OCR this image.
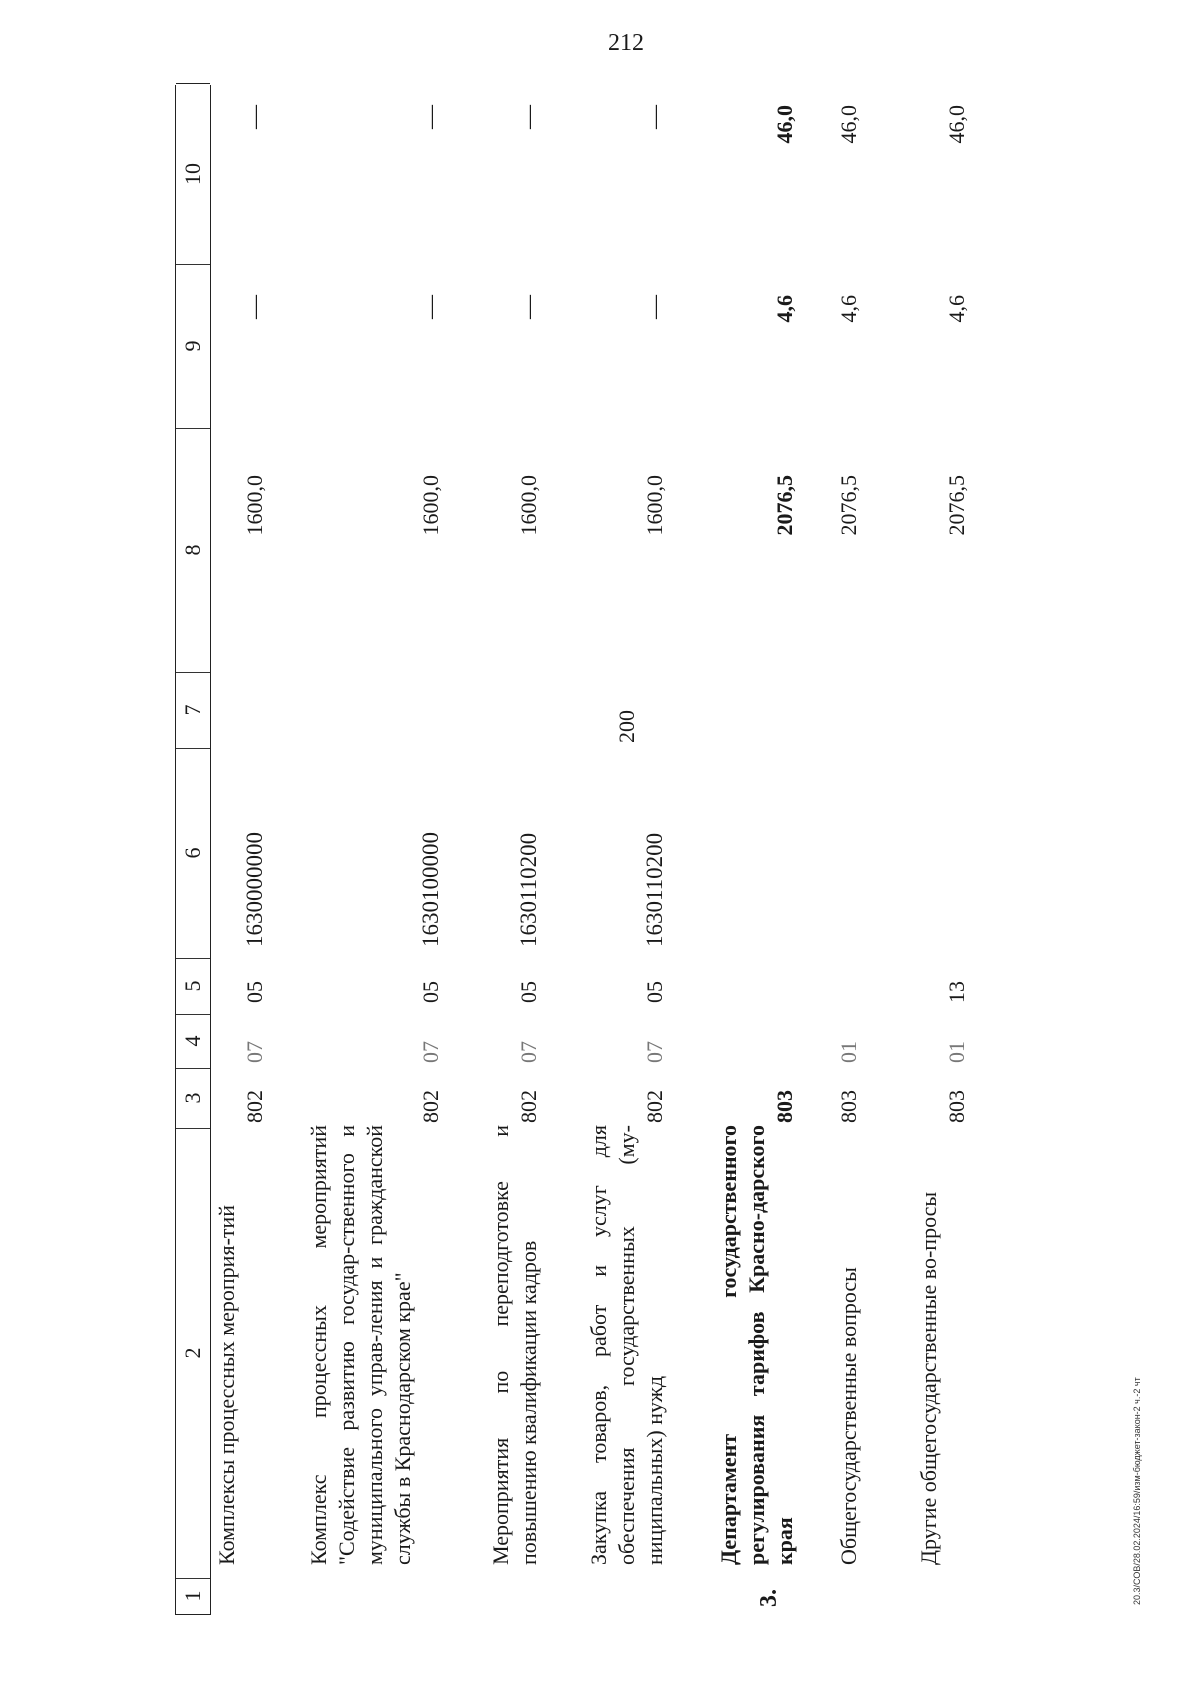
212
20.3/СОВ/28.02.2024/16:59/изм-бюджет-закон-2 ч.-2 чт
1
2
3
4
5
6
7
8
9
10
Комплексы процессных мероприя-тий
802
07
05
1630000000
1600,0
—
—
Комплекс процессных мероприятий "Содействие развитию государ-ственного и муниципального управ-ления и гражданской службы в Краснодарском крае"
802
07
05
1630100000
1600,0
—
—
Мероприятия по переподготовке и повышению квалификации кадров
802
07
05
1630110200
1600,0
—
—
Закупка товаров, работ и услуг для обеспечения государственных (му-ниципальных) нужд
802
07
05
1630110200
200
1600,0
—
—
3.
Департамент государственного регулирования тарифов Красно-дарского края
803
2076,5
4,6
46,0
Общегосударственные вопросы
803
01
2076,5
4,6
46,0
Другие общегосударственные во-просы
803
01
13
2076,5
4,6
46,0
